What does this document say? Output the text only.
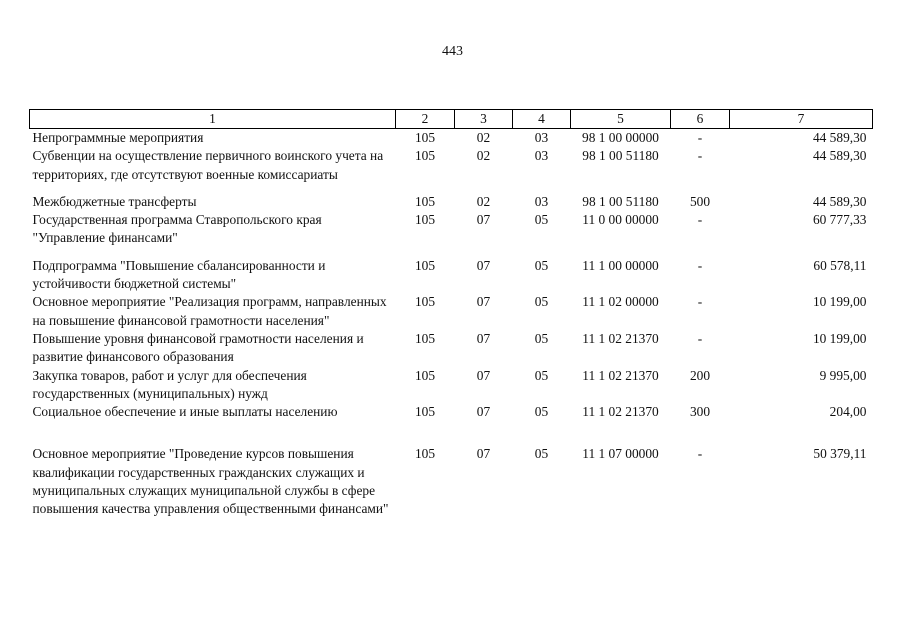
443
1	2	3	4	5	6	7
Непрограммные мероприятия	105	02	03	98 1 00 00000	-	44 589,30
Субвенции на осуществление первичного воинского учета на территориях, где отсутствуют военные комиссариаты	105	02	03	98 1 00 51180	-	44 589,30

Межбюджетные трансферты	105	02	03	98 1 00 51180	500	44 589,30
Государственная программа Ставропольского края "Управление финансами"	105	07	05	11 0 00 00000	-	60 777,33

Подпрограмма "Повышение сбалансированности и устойчивости бюджетной системы"	105	07	05	11 1 00 00000	-	60 578,11
Основное мероприятие "Реализация программ, направленных на повышение финансовой грамотности населения"	105	07	05	11 1 02 00000	-	10 199,00
Повышение уровня финансовой грамотности населения и развитие финансового образования	105	07	05	11 1 02 21370	-	10 199,00
Закупка товаров, работ и услуг для обеспечения государственных (муниципальных) нужд	105	07	05	11 1 02 21370	200	9 995,00
Социальное обеспечение и иные выплаты населению	105	07	05	11 1 02 21370	300	204,00

Основное мероприятие "Проведение курсов повышения квалификации государственных гражданских служащих и муниципальных служащих муниципальной службы в сфере повышения качества управления общественными финансами"	105	07	05	11 1 07 00000	-	50 379,11
